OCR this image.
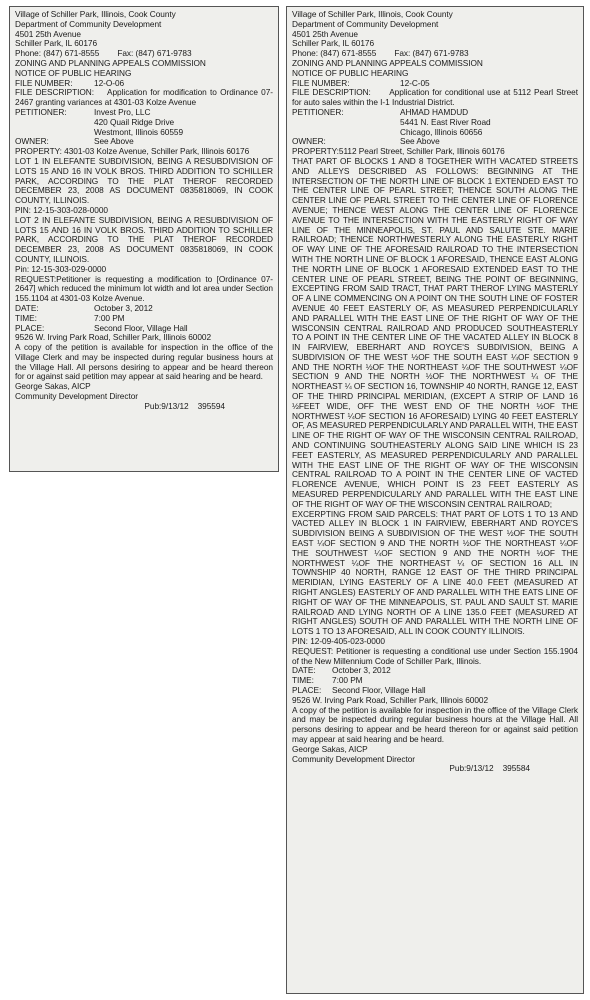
Village of Schiller Park, Illinois, Cook County
Department of Community Development
4501 25th Avenue
Schiller Park, IL 60176
Phone: (847) 671-8555        Fax: (847) 671-9783
ZONING AND PLANNING APPEALS COMMISSION
NOTICE OF PUBLIC HEARING
FILE NUMBER:	12-O-06

FILE DESCRIPTION: Application for modification to Ordinance 07-2467 granting variances at 4301-03 Kolze Avenue

PETITIONER:	Invest Pro, LLC
420 Quail Ridge Drive
Westmont, Illinois 60559
OWNER:	See Above

PROPERTY: 4301-03 Kolze Avenue, Schiller Park, Illinois 60176

LOT 1 IN ELEFANTE SUBDIVISION, BEING A RESUBDIVISION OF LOTS 15 AND 16 IN VOLK BROS. THIRD ADDITION TO SCHILLER PARK, ACCORDING TO THE PLAT THEROF RECORDED DECEMBER 23, 2008 AS DOCUMENT 0835818069, IN COOK COUNTY, ILLINOIS.

PIN: 12-15-303-028-0000

LOT 2 IN ELEFANTE SUBDIVISION, BEING A RESUBDIVISION OF LOTS 15 AND 16 IN VOLK BROS. THIRD ADDITION TO SCHILLER PARK, ACCORDING TO THE PLAT THEROF RECORDED DECEMBER 23, 2008 AS DOCUMENT 0835818069, IN COOK COUNTY, ILLINOIS.

Pin: 12-15-303-029-0000

REQUEST:Petitioner is requesting a modification to [Ordinance 07-2647] which reduced the minimum lot width and lot area under Section 155.1104 at 4301-03 Kolze Avenue.

DATE:	October 3, 2012
TIME:	7:00 PM
PLACE:	Second Floor, Village Hall
9526 W. Irving Park Road, Schiller Park, Illinois 60002

A copy of the petition is available for inspection in the office of the Village Clerk and may be inspected during regular business hours at the Village Hall. All persons desiring to appear and be heard thereon for or against said petition may appear at said hearing and be heard.

George Sakas, AICP
Community Development Director
Pub:9/13/12    395594
Village of Schiller Park, Illinois, Cook County
Department of Community Development
4501 25th Avenue
Schiller Park, IL 60176
Phone: (847) 671-8555        Fax: (847) 671-9783
ZONING AND PLANNING APPEALS COMMISSION
NOTICE OF PUBLIC HEARING
FILE NUMBER:	12-C-05

FILE DESCRIPTION: Application for conditional use at 5112 Pearl Street for auto sales within the I-1 Industrial District.

PETITIONER:	AHMAD HAMDUD
5441 N. East River Road
Chicago, Illinois 60656
OWNER:	See Above
PROPERTY:5112 Pearl Street, Schiller Park, Illinois 60176

THAT PART OF BLOCKS 1 AND 8 TOGETHER WITH VACATED STREETS AND ALLEYS DESCRIBED AS FOLLOWS: BEGINNING AT THE INTERSECTION OF THE NORTH LINE OF BLOCK 1 EXTENDED EAST TO THE CENTER LINE OF PEARL STREET; THENCE SOUTH ALONG THE CENTER LINE OF PEARL STREET TO THE CENTER LINE OF FLORENCE AVENUE; THENCE WEST ALONG THE CENTER LINE OF FLORENCE AVENUE TO THE INTERSECTION WITH THE EASTERLY RIGHT OF WAY LINE OF THE MINNEAPOLIS, ST. PAUL AND SALUTE STE. MARIE RAILROAD; THENCE NORTHWESTERLY ALONG THE EASTERLY RIGHT OF WAY LINE OF THE AFORESAID RAILROAD TO THE INTERSECTION WITH THE NORTH LINE OF BLOCK 1 AFORESAID, THENCE EAST ALONG THE NORTH LINE OF BLOCK 1 AFORESAID EXTENDED EAST TO THE CENTER LINE OF PEARL STREET, BEING THE POINT OF BEGINNING, EXCEPTING FROM SAID TRACT, THAT PART THEROF LYING MASTERLY OF A LINE COMMENCING ON A POINT ON THE SOUTH LINE OF FOSTER AVENUE 40 FEET EASTERLY OF, AS MEASURED PERPENDICULARLY AND PARALLEL WITH THE EAST LINE OF THE RIGHT OF WAY OF THE WISCONSIN CENTRAL RAILROAD AND PRODUCED SOUTHEASTERLY TO A POINT IN THE CENTER LINE OF THE VACATED ALLEY IN BLOCK 8 IN FAIRVIEW, EBERHART AND ROYCE'S SUBDIVISION, BEING A SUBDIVISION OF THE WEST ½OF THE SOUTH EAST ¼OF SECTION 9 AND THE NORTH ½OF THE NORTHEAST ¼OF THE SOUTHWEST ¼OF SECTION 9 AND THE NORTH ½OF THE NORTHWEST ¼ OF THE NORTHEAST ¼ OF SECTION 16, TOWNSHIP 40 NORTH, RANGE 12, EAST OF THE THIRD PRINCIPAL MERIDIAN, (EXCEPT A STRIP OF LAND 16 ½FEET WIDE, OFF THE WEST END OF THE NORTH ½OF THE NORTHWEST ¼OF SECTION 16 AFORESAID) LYING 40 FEET EASTERLY OF, AS MEASURED PERPENDICULARLY AND PARALLEL WITH, THE EAST LINE OF THE RIGHT OF WAY OF THE WISCONSIN CENTRAL RAILROAD, AND CONTINUING SOUTHEASTERLY ALONG SAID LINE WHICH IS 23 FEET EASTERLY, AS MEASURED PERPENDICULARLY AND PARALLEL WITH THE EAST LINE OF THE RIGHT OF WAY OF THE WISCONSIN CENTRAL RAILROAD TO A POINT IN THE CENTER LINE OF VACTED FLORENCE AVENUE, WHICH POINT IS 23 FEET EASTERLY AS MEASURED PERPENDICULARLY AND PARALLEL WITH THE EAST LINE OF THE RIGHT OF WAY OF THE WISCONSIN CENTRAL RAILROAD;

EXCERPTING FROM SAID PARCELS: THAT PART OF LOTS 1 TO 13 AND VACTED ALLEY IN BLOCK 1 IN FAIRVIEW, EBERHART AND ROYCE'S SUBDIVISION BEING A SUBDIVISION OF THE WEST ½OF THE SOUTH EAST ¼OF SECTION 9 AND THE NORTH ½OF THE NORTHEAST ¼OF THE SOUTHWEST ¼OF SECTION 9 AND THE NORTH ½OF THE NORTHWEST ¼OF THE NORTHEAST ¼ OF SECTION 16 ALL IN TOWNSHIP 40 NORTH, RANGE 12 EAST OF THE THIRD PRINCIPAL MERIDIAN, LYING EASTERLY OF A LINE 40.0 FEET (MEASURED AT RIGHT ANGLES) EASTERLY OF AND PARALLEL WITH THE EATS LINE OF RIGHT OF WAY OF THE MINNEAPOLIS, ST. PAUL AND SAULT ST. MARIE RAILROAD AND LYING NORTH OF A LINE 135.0 FEET (MEASURED AT RIGHT ANGLES) SOUTH OF AND PARALLEL WITH THE NORTH LINE OF LOTS 1 TO 13 AFORESAID, ALL IN COOK COUNTY ILLINOIS.

PIN: 12-09-405-023-0000

REQUEST: Petitioner is requesting a conditional use under Section 155.1904 of the New Millennium Code of Schiller Park, Illinois.

DATE:	October 3, 2012
TIME:	7:00 PM
PLACE:	Second Floor, Village Hall
9526 W. Irving Park Road, Schiller Park, Illinois 60002

A copy of the petition is available for inspection in the office of the Village Clerk and may be inspected during regular business hours at the Village Hall. All persons desiring to appear and be heard thereon for or against said petition may appear at said hearing and be heard.

George Sakas, AICP
Community Development Director
Pub:9/13/12    395584
